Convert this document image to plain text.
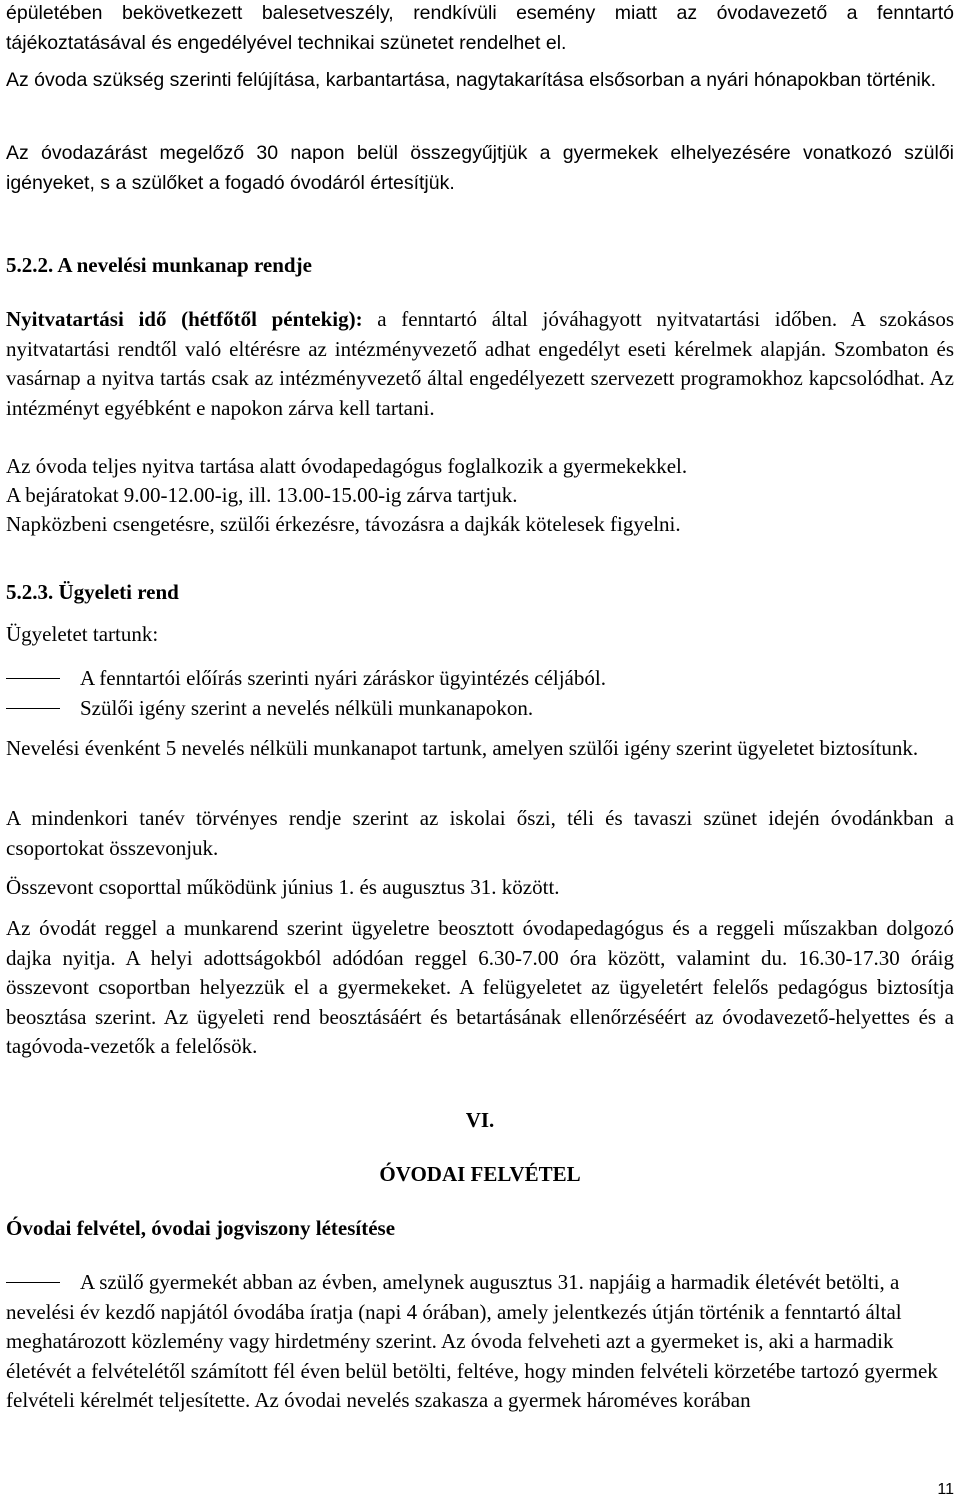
épületében bekövetkezett balesetveszély, rendkívüli esemény miatt az óvodavezető a fenntartó tájékoztatásával és engedélyével technikai szünetet rendelhet el.

Az óvoda szükség szerinti felújítása, karbantartása, nagytakarítása elsősorban a nyári hónapokban történik.

Az óvodazárást megelőző 30 napon belül összegyűjtjük a gyermekek elhelyezésére vonatkozó szülői igényeket, s a szülőket a fogadó óvodáról értesítjük.

5.2.2. A nevelési munkanap rendje

Nyitvatartási idő (hétfőtől péntekig): a fenntartó által jóváhagyott nyitvatartási időben. A szokásos nyitvatartási rendtől való eltérésre az intézményvezető adhat engedélyt eseti kérelmek alapján. Szombaton és vasárnap a nyitva tartás csak az intézményvezető által engedélyezett szervezett programokhoz kapcsolódhat. Az intézményt egyébként e napokon zárva kell tartani.

Az óvoda teljes nyitva tartása alatt óvodapedagógus foglalkozik a gyermekekkel.
A bejáratokat 9.00-12.00-ig, ill. 13.00-15.00-ig zárva tartjuk.
Napközbeni csengetésre, szülői érkezésre, távozásra a dajkák kötelesek figyelni.
5.2.3. Ügyeleti rend
Ügyeletet tartunk:
A fenntartói előírás szerinti nyári záráskor ügyintézés céljából.
Szülői igény szerint a nevelés nélküli munkanapokon.

Nevelési évenként 5 nevelés nélküli munkanapot tartunk, amelyen szülői igény szerint ügyeletet biztosítunk.

A mindenkori tanév törvényes rendje szerint az iskolai őszi, téli és tavaszi szünet idején óvodánkban a csoportokat összevonjuk.

Összevont csoporttal működünk június 1. és augusztus 31. között.

Az óvodát reggel a munkarend szerint ügyeletre beosztott óvodapedagógus és a reggeli műszakban dolgozó dajka nyitja. A helyi adottságokból adódóan reggel 6.30-7.00 óra között, valamint du. 16.30-17.30 óráig összevont csoportban helyezzük el a gyermekeket. A felügyeletet az ügyeletért felelős pedagógus biztosítja beosztása szerint. Az ügyeleti rend beosztásáért és betartásának ellenőrzéséért az óvodavezető-helyettes és a tagóvoda-vezetők a felelősök.

VI.
ÓVODAI FELVÉTEL
Óvodai felvétel, óvodai jogviszony létesítése
A szülő gyermekét abban az évben, amelynek augusztus 31. napjáig a harmadik életévét betölti, a nevelési év kezdő napjától óvodába íratja (napi 4 órában), amely jelentkezés útján történik a fenntartó által meghatározott közlemény vagy hirdetmény szerint. Az óvoda felveheti azt a gyermeket is, aki a harmadik életévét a felvételétől számított fél éven belül betölti, feltéve, hogy minden felvételi körzetébe tartozó gyermek felvételi kérelmét teljesítette. Az óvodai nevelés szakasza a gyermek hároméves korában
11
